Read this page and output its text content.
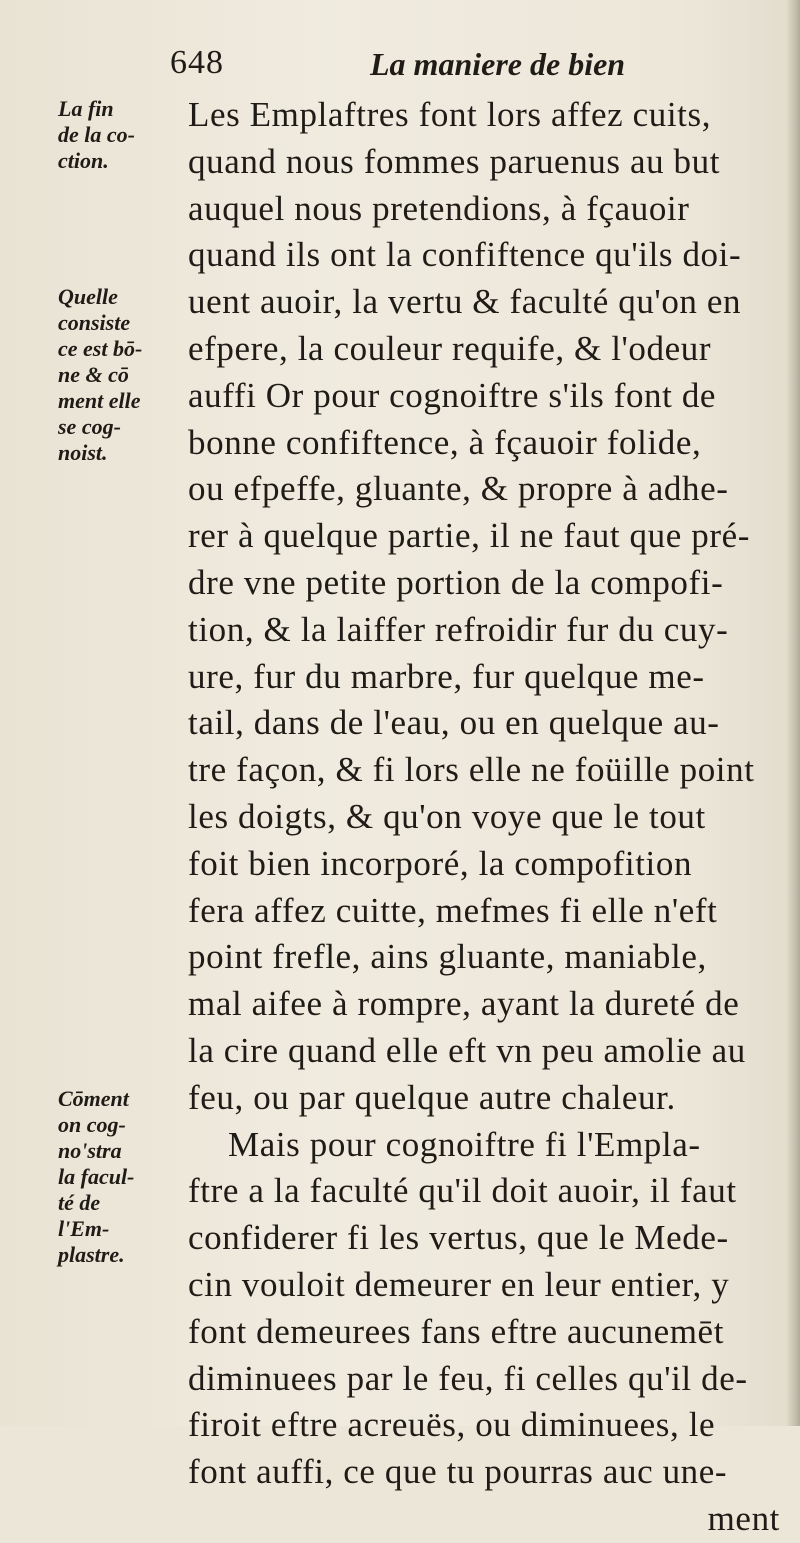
648	La maniere de bien
La fin
de la co-
ction.
Quelle
consiste
ce est bō-
ne & cō
ment elle
se cog-
noist.
Cōment
on cog-
no'stra
la facul-
té de
l'Em-
plastre.
Les Emplaftres font lors affez cuits,
quand nous fommes paruenus au but
auquel nous pretendions, à fçauoir
quand ils ont la confiftence qu'ils doi-
uent auoir, la vertu & faculté qu'on en
efpere, la couleur requife, & l'odeur
auffi Or pour cognoiftre s'ils font de
bonne confiftence, à fçauoir folide,
ou efpeffe, gluante, & propre à adhe-
rer à quelque partie, il ne faut que pré-
dre vne petite portion de la compofi-
tion, & la laiffer refroidir fur du cuy-
ure, fur du marbre, fur quelque me-
tail, dans de l'eau, ou en quelque au-
tre façon, & fi lors elle ne foüille point
les doigts, & qu'on voye que le tout
foit bien incorporé, la compofition
fera affez cuitte, mefmes fi elle n'eft
point frefle, ains gluante, maniable,
mal aifee à rompre, ayant la dureté de
la cire quand elle eft vn peu amolie au
feu, ou par quelque autre chaleur.
Mais pour cognoiftre fi l'Empla-
ftre a la faculté qu'il doit auoir, il faut
confiderer fi les vertus, que le Mede-
cin vouloit demeurer en leur entier, y
font demeurees fans eftre aucunemēt
diminuees par le feu, fi celles qu'il de-
firoit eftre acreuës, ou diminuees, le
font auffi, ce que tu pourras auc une-
ment
